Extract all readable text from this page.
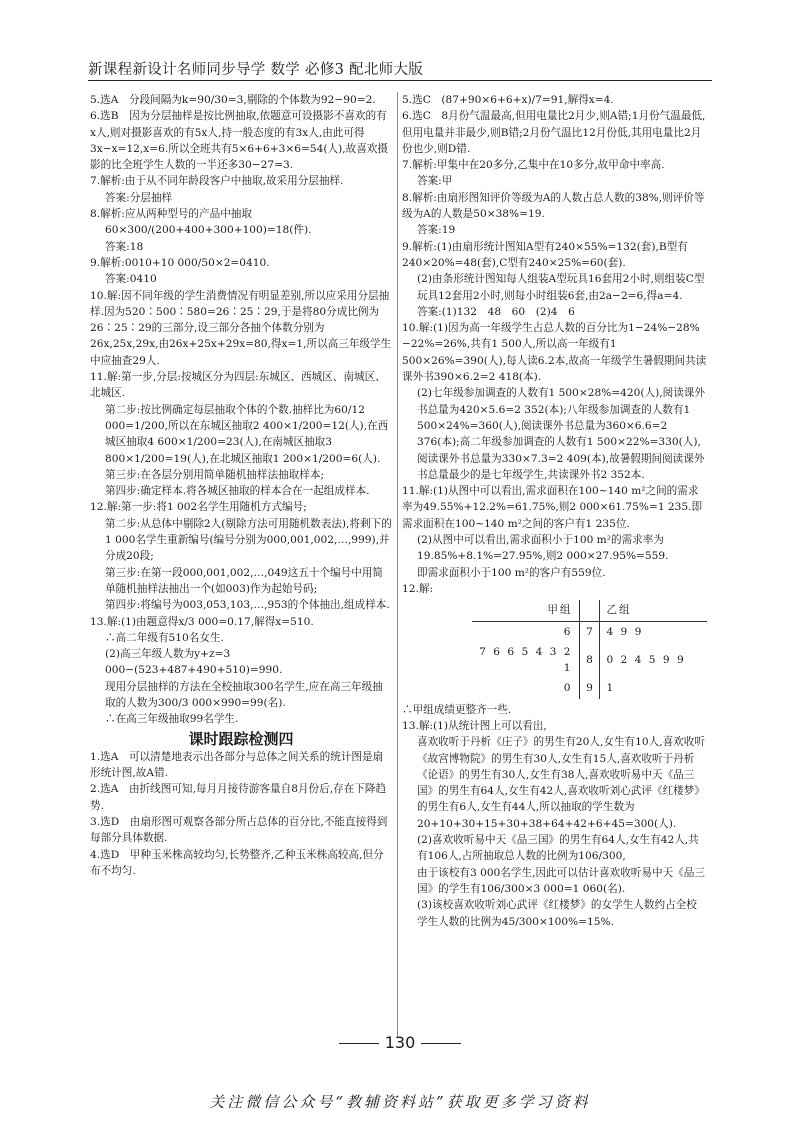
新课程新设计名师同步导学 数学 必修3 配北师大版

5.选A　分段间隔为k=90/30=3,剔除的个体数为92−90=2.

6.选B　因为分层抽样是按比例抽取,依题意可设摄影不喜欢的有x人,则对摄影喜欢的有5x人,持一般态度的有3x人,由此可得3x−x=12,x=6.所以全班共有5×6+6+3×6=54(人),故喜欢摄影的比全班学生人数的一半还多30−27=3.

7.解析:由于从不同年龄段客户中抽取,故采用分层抽样.

答案:分层抽样

8.解析:应从两种型号的产品中抽取

60×300/(200+400+300+100)=18(件).

答案:18

9.解析:0010+10 000/50×2=0410.

答案:0410

10.解:因不同年级的学生消费情况有明显差别,所以应采用分层抽样.因为520∶500∶580=26∶25∶29,于是将80分成比例为26∶25∶29的三部分,设三部分各抽个体数分别为26x,25x,29x,由26x+25x+29x=80,得x=1,所以高三年级学生中应抽查29人.

11.解:第一步,分层:按城区分为四层:东城区、西城区、南城区、北城区.

第二步:按比例确定每层抽取个体的个数.抽样比为60/12 000=1/200,所以在东城区抽取2 400×1/200=12(人),在西城区抽取4 600×1/200=23(人),在南城区抽取3 800×1/200=19(人),在北城区抽取1 200×1/200=6(人).

第三步:在各层分别用简单随机抽样法抽取样本;

第四步:确定样本.将各城区抽取的样本合在一起组成样本.

12.解:第一步:将1 002名学生用随机方式编号;

第二步:从总体中剔除2人(剔除方法可用随机数表法),将剩下的1 000名学生重新编号(编号分别为000,001,002,…,999),并分成20段;

第三步:在第一段000,001,002,…,049这五十个编号中用简单随机抽样法抽出一个(如003)作为起始号码;

第四步:将编号为003,053,103,…,953的个体抽出,组成样本.

13.解:(1)由题意得x/3 000=0.17,解得x=510.

∴高二年级有510名女生.

(2)高三年级人数为y+z=3 000−(523+487+490+510)=990.

现用分层抽样的方法在全校抽取300名学生,应在高三年级抽取的人数为300/3 000×990=99(名).

∴在高三年级抽取99名学生.

课时跟踪检测四

1.选A　可以清楚地表示出各部分与总体之间关系的统计图是扇形统计图,故A错.

2.选A　由折线图可知,每月月接待游客量自8月份后,存在下降趋势.

3.选D　由扇形图可观察各部分所占总体的百分比,不能直接得到每部分具体数据.

4.选D　甲种玉米株高较均匀,长势整齐,乙种玉米株高较高,但分布不均匀.

5.选C　(87+90×6+6+x)/7=91,解得x=4.

6.选C　8月份气温最高,但用电量比2月少,则A错;1月份气温最低,但用电量并非最少,则B错;2月份气温比12月份低,其用电量比2月份也少,则D错.

7.解析:甲集中在20多分,乙集中在10多分,故甲命中率高.

答案:甲

8.解析:由扇形图知评价等级为A的人数占总人数的38%,则评价等级为A的人数是50×38%=19.

答案:19

9.解析:(1)由扇形统计图知A型有240×55%=132(套),B型有240×20%=48(套),C型有240×25%=60(套).

(2)由条形统计图知每人组装A型玩具16套用2小时,则组装C型玩具12套用2小时,则每小时组装6套,由2a−2=6,得a=4.

答案:(1)132　48　60　(2)4　6

10.解:(1)因为高一年级学生占总人数的百分比为1−24%−28%−22%=26%,共有1 500人,所以高一年级有1 500×26%=390(人),每人读6.2本,故高一年级学生暑假期间共读课外书390×6.2=2 418(本).

(2)七年级参加调查的人数有1 500×28%=420(人),阅读课外书总量为420×5.6=2 352(本);八年级参加调查的人数有1 500×24%=360(人),阅读课外书总量为360×6.6=2 376(本);高二年级参加调查的人数有1 500×22%=330(人),阅读课外书总量为330×7.3=2 409(本),故暑假期间阅读课外书总量最少的是七年级学生,共读课外书2 352本.

11.解:(1)从图中可以看出,需求面积在100~140 m²之间的需求率为49.55%+12.2%=61.75%,则2 000×61.75%=1 235.即需求面积在100~140 m²之间的客户有1 235位.

(2)从图中可以看出,需求面积小于100 m²的需求率为19.85%+8.1%=27.95%,则2 000×27.95%=559.

即需求面积小于100 m²的客户有559位.

12.解:

甲组		乙组
6	7	4 9 9
7 6 6 5 4 3 2 1	8	0 2 4 5 9 9
0	9	1

∴甲组成绩更整齐一些.

13.解:(1)从统计图上可以看出,

喜欢收听于丹析《庄子》的男生有20人,女生有10人,喜欢收听《故宫博物院》的男生有30人,女生有15人,喜欢收听于丹析《论语》的男生有30人,女生有38人,喜欢收听易中天《品三国》的男生有64人,女生有42人,喜欢收听刘心武评《红楼梦》的男生有6人,女生有44人,所以抽取的学生数为20+10+30+15+30+38+64+42+6+45=300(人).

(2)喜欢收听易中天《品三国》的男生有64人,女生有42人,共有106人,占所抽取总人数的比例为106/300,

由于该校有3 000名学生,因此可以估计喜欢收听易中天《品三国》的学生有106/300×3 000=1 060(名).

(3)该校喜欢收听刘心武评《红楼梦》的女学生人数约占全校学生人数的比例为45/300×100%=15%.

130
关注微信公众号“教辅资料站”获取更多学习资料
